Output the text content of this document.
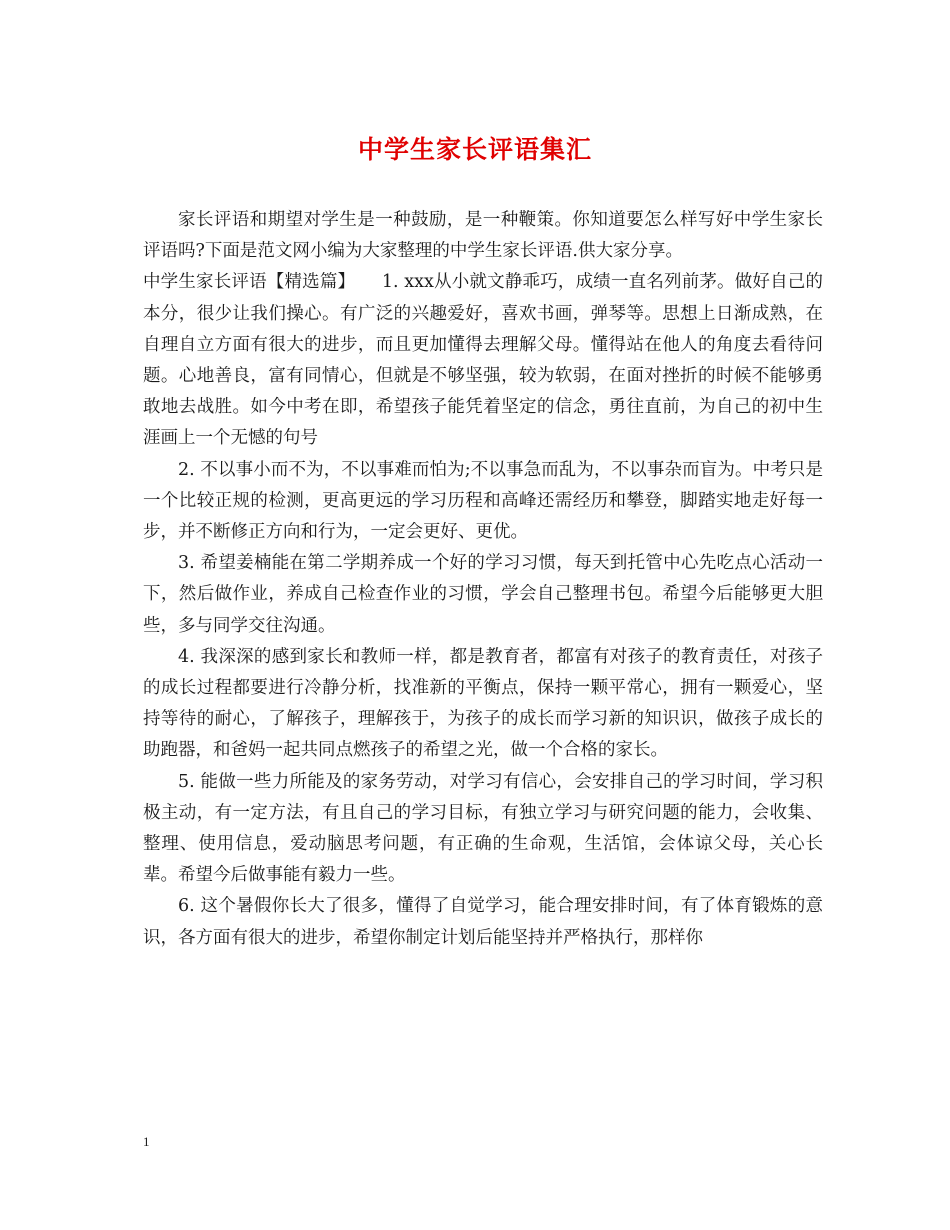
中学生家长评语集汇

家长评语和期望对学生是一种鼓励，是一种鞭策。你知道要怎么样写好中学生家长评语吗?下面是范文网小编为大家整理的中学生家长评语.供大家分享。

中学生家长评语【精选篇】　　1. xxx从小就文静乖巧，成绩一直名列前茅。做好自己的本分，很少让我们操心。有广泛的兴趣爱好，喜欢书画，弹琴等。思想上日渐成熟，在自理自立方面有很大的进步，而且更加懂得去理解父母。懂得站在他人的角度去看待问题。心地善良，富有同情心，但就是不够坚强，较为软弱，在面对挫折的时候不能够勇敢地去战胜。如今中考在即，希望孩子能凭着坚定的信念，勇往直前，为自己的初中生涯画上一个无憾的句号

2. 不以事小而不为，不以事难而怕为;不以事急而乱为，不以事杂而盲为。中考只是一个比较正规的检测，更高更远的学习历程和高峰还需经历和攀登，脚踏实地走好每一步，并不断修正方向和行为，一定会更好、更优。

3. 希望姜楠能在第二学期养成一个好的学习习惯，每天到托管中心先吃点心活动一下，然后做作业，养成自己检查作业的习惯，学会自己整理书包。希望今后能够更大胆些，多与同学交往沟通。

4. 我深深的感到家长和教师一样，都是教育者，都富有对孩子的教育责任，对孩子的成长过程都要进行冷静分析，找准新的平衡点，保持一颗平常心，拥有一颗爱心，坚持等待的耐心，了解孩子，理解孩于，为孩子的成长而学习新的知识识，做孩子成长的助跑器，和爸妈一起共同点燃孩子的希望之光，做一个合格的家长。

5. 能做一些力所能及的家务劳动，对学习有信心，会安排自己的学习时间，学习积极主动，有一定方法，有且自己的学习目标，有独立学习与研究问题的能力，会收集、整理、使用信息，爱动脑思考问题，有正确的生命观，生活馆，会体谅父母，关心长辈。希望今后做事能有毅力一些。

6. 这个暑假你长大了很多，懂得了自觉学习，能合理安排时间，有了体育锻炼的意识，各方面有很大的进步，希望你制定计划后能坚持并严格执行，那样你

1
